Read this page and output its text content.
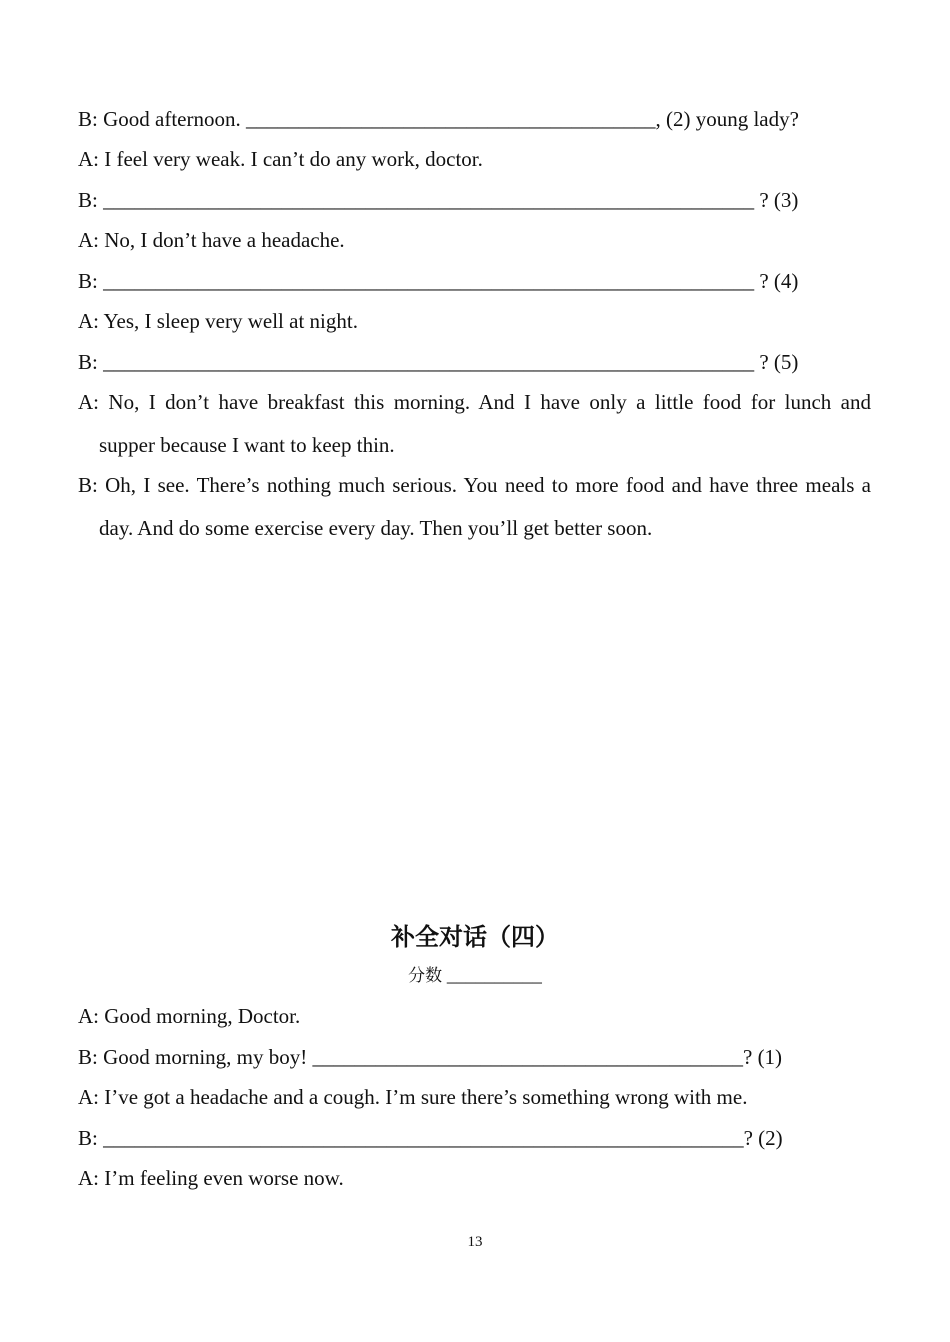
B: Good afternoon. _______________________________________, (2) young lady?
A: I feel very weak. I can’t do any work, doctor.
B: ______________________________________________________________ ? (3)
A: No, I don’t have a headache.
B: ______________________________________________________________ ? (4)
A: Yes, I sleep very well at night.
B: ______________________________________________________________ ? (5)
A: No, I don’t have breakfast this morning. And I have only a little food for lunch and
supper because I want to keep thin.
B: Oh, I see. There’s nothing much serious. You need to more food and have three meals a
day. And do some exercise every day. Then you’ll get better soon.
补全对话（四）
分数 __________
A: Good morning, Doctor.
B: Good morning, my boy! _________________________________________? (1)
A: I’ve got a headache and a cough. I’m sure there’s something wrong with me.
B: _____________________________________________________________? (2)
A: I’m feeling even worse now.
13
